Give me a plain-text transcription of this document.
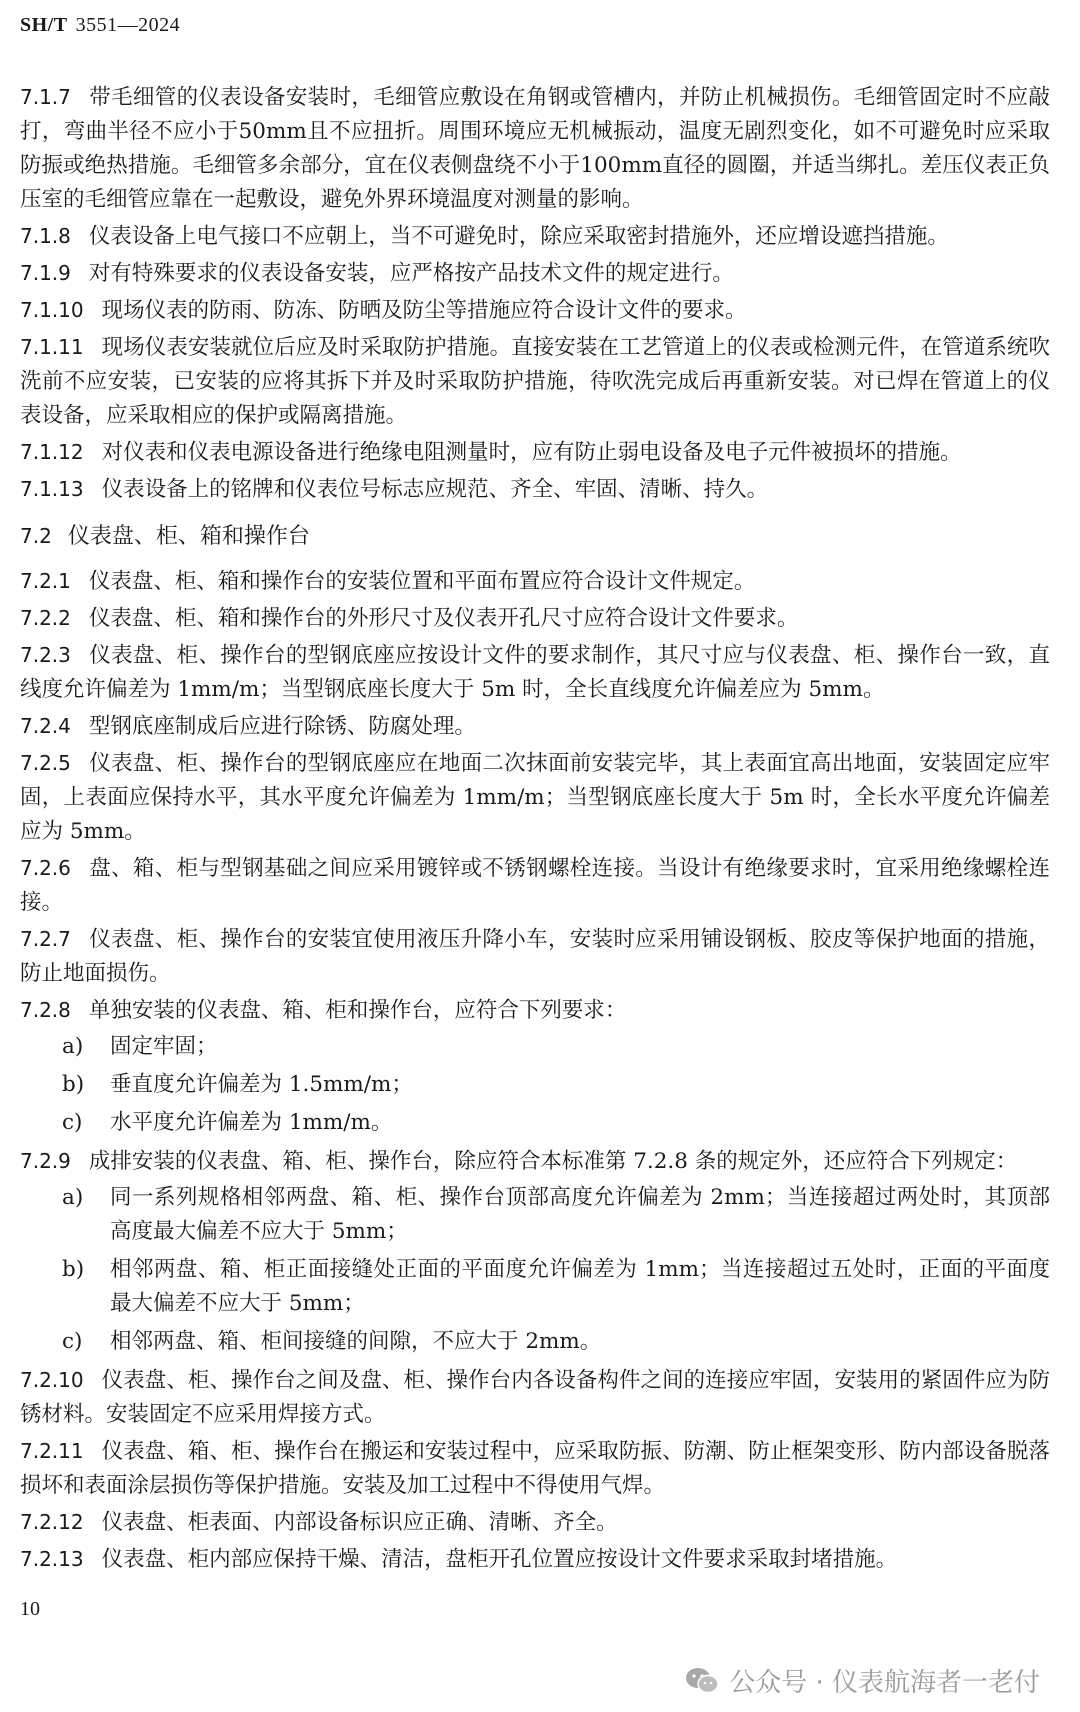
SH/T 3551—2024

7.1.7 带毛细管的仪表设备安装时，毛细管应敷设在角钢或管槽内，并防止机械损伤。毛细管固定时不应敲打，弯曲半径不应小于50mm且不应扭折。周围环境应无机械振动，温度无剧烈变化，如不可避免时应采取防振或绝热措施。毛细管多余部分，宜在仪表侧盘绕不小于100mm直径的圆圈，并适当绑扎。差压仪表正负压室的毛细管应靠在一起敷设，避免外界环境温度对测量的影响。

7.1.8 仪表设备上电气接口不应朝上，当不可避免时，除应采取密封措施外，还应增设遮挡措施。

7.1.9 对有特殊要求的仪表设备安装，应严格按产品技术文件的规定进行。

7.1.10 现场仪表的防雨、防冻、防晒及防尘等措施应符合设计文件的要求。

7.1.11 现场仪表安装就位后应及时采取防护措施。直接安装在工艺管道上的仪表或检测元件，在管道系统吹洗前不应安装，已安装的应将其拆下并及时采取防护措施，待吹洗完成后再重新安装。对已焊在管道上的仪表设备，应采取相应的保护或隔离措施。

7.1.12 对仪表和仪表电源设备进行绝缘电阻测量时，应有防止弱电设备及电子元件被损坏的措施。

7.1.13 仪表设备上的铭牌和仪表位号标志应规范、齐全、牢固、清晰、持久。

7.2 仪表盘、柜、箱和操作台

7.2.1 仪表盘、柜、箱和操作台的安装位置和平面布置应符合设计文件规定。

7.2.2 仪表盘、柜、箱和操作台的外形尺寸及仪表开孔尺寸应符合设计文件要求。

7.2.3 仪表盘、柜、操作台的型钢底座应按设计文件的要求制作，其尺寸应与仪表盘、柜、操作台一致，直线度允许偏差为 1mm/m；当型钢底座长度大于 5m 时，全长直线度允许偏差应为 5mm。

7.2.4 型钢底座制成后应进行除锈、防腐处理。

7.2.5 仪表盘、柜、操作台的型钢底座应在地面二次抹面前安装完毕，其上表面宜高出地面，安装固定应牢固，上表面应保持水平，其水平度允许偏差为 1mm/m；当型钢底座长度大于 5m 时，全长水平度允许偏差应为 5mm。

7.2.6 盘、箱、柜与型钢基础之间应采用镀锌或不锈钢螺栓连接。当设计有绝缘要求时，宜采用绝缘螺栓连接。

7.2.7 仪表盘、柜、操作台的安装宜使用液压升降小车，安装时应采用铺设钢板、胶皮等保护地面的措施，防止地面损伤。

7.2.8 单独安装的仪表盘、箱、柜和操作台，应符合下列要求：

a) 固定牢固；

b) 垂直度允许偏差为 1.5mm/m；

c) 水平度允许偏差为 1mm/m。

7.2.9 成排安装的仪表盘、箱、柜、操作台，除应符合本标准第 7.2.8 条的规定外，还应符合下列规定：

a) 同一系列规格相邻两盘、箱、柜、操作台顶部高度允许偏差为 2mm；当连接超过两处时，其顶部高度最大偏差不应大于 5mm；

b) 相邻两盘、箱、柜正面接缝处正面的平面度允许偏差为 1mm；当连接超过五处时，正面的平面度最大偏差不应大于 5mm；

c) 相邻两盘、箱、柜间接缝的间隙，不应大于 2mm。

7.2.10 仪表盘、柜、操作台之间及盘、柜、操作台内各设备构件之间的连接应牢固，安装用的紧固件应为防锈材料。安装固定不应采用焊接方式。

7.2.11 仪表盘、箱、柜、操作台在搬运和安装过程中，应采取防振、防潮、防止框架变形、防内部设备脱落损坏和表面涂层损伤等保护措施。安装及加工过程中不得使用气焊。

7.2.12 仪表盘、柜表面、内部设备标识应正确、清晰、齐全。

7.2.13 仪表盘、柜内部应保持干燥、清洁，盘柜开孔位置应按设计文件要求采取封堵措施。

10
公众号 · 仪表航海者一老付
